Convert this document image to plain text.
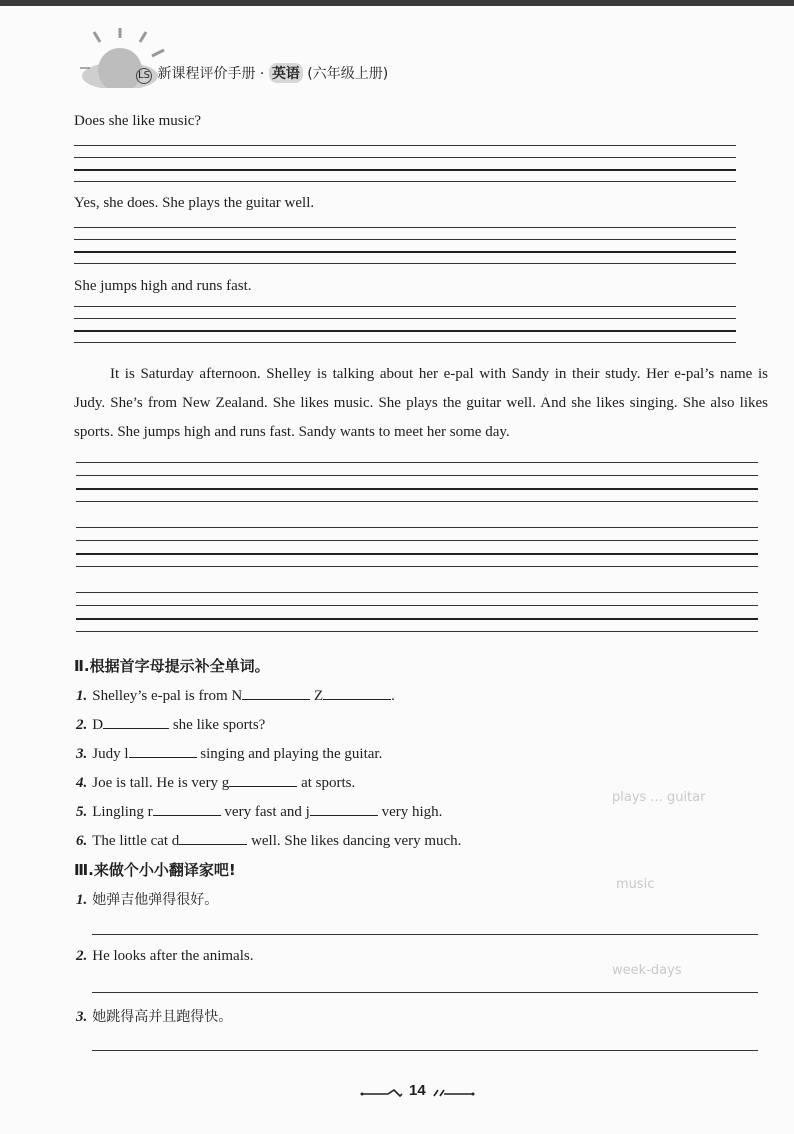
LS 新课程评价手册 · 英语 (六年级上册)
Does she like music?
Yes, she does. She plays the guitar well.
She jumps high and runs fast.

It is Saturday afternoon. Shelley is talking about her e-pal with Sandy in their study. Her e-pal’s name is Judy. She’s from New Zealand. She likes music. She plays the guitar well. And she likes singing. She also likes sports. She jumps high and runs fast. Sandy wants to meet her some day.

plays ... guitar
music
week-days
Ⅱ.根据首字母提示补全单词。
1. Shelley’s e-pal is from N	Z	.
2. D	she like sports?
3. Judy l	singing and playing the guitar.
4. Joe is tall. He is very g	at sports.
5. Lingling r	very fast and j	very high.
6. The little cat d	well. She likes dancing very much.
Ⅲ.来做个小小翻译家吧!
1. 她弹吉他弹得很好。
2. He looks after the animals.
3. 她跳得高并且跑得快。
14
